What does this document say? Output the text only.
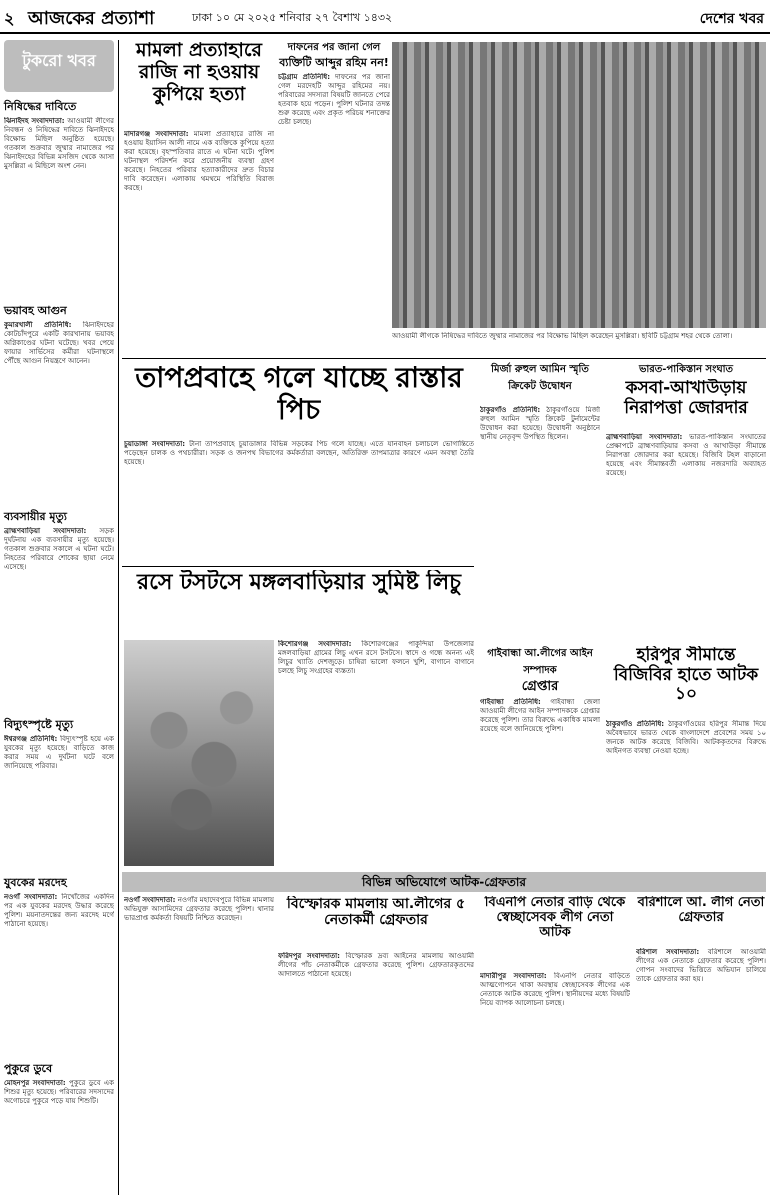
২ আজকের প্রত্যাশা	ঢাকা ১০ মে ২০২৫ শনিবার ২৭ বৈশাখ ১৪৩২	দেশের খবর
টুকরো খবর
নিষিদ্ধের দাবিতে
ঝিনাইদহ সংবাদদাতা: আওয়ামী লীগের নিবন্ধন ও নিষিদ্ধের দাবিতে ঝিনাইদহে বিক্ষোভ মিছিল অনুষ্ঠিত হয়েছে। গতকাল শুক্রবার জুম্মার নামাজের পর ঝিনাইদহের বিভিন্ন মসজিদ থেকে আসা মুসল্লিরা এ মিছিলে অংশ নেন।
ভয়াবহ আগুন
কুমারখালী প্রতিনিধি: ঝিনাইদহের কোটচাঁদপুরে একটি কারখানায় ভয়াবহ অগ্নিকাণ্ডের ঘটনা ঘটেছে। খবর পেয়ে ফায়ার সার্ভিসের কর্মীরা ঘটনাস্থলে পৌঁছে আগুন নিয়ন্ত্রণে আনেন।
ব্যবসায়ীর মৃত্যু
ব্রাহ্মণবাড়িয়া সংবাদদাতা: সড়ক দুর্ঘটনায় এক ব্যবসায়ীর মৃত্যু হয়েছে। গতকাল শুক্রবার সকালে এ ঘটনা ঘটে। নিহতের পরিবারে শোকের ছায়া নেমে এসেছে।
বিদ্যুৎস্পৃষ্টে মৃত্যু
ঈশ্বরগঞ্জ প্রতিনিধি: বিদ্যুৎস্পৃষ্ট হয়ে এক যুবকের মৃত্যু হয়েছে। বাড়িতে কাজ করার সময় এ দুর্ঘটনা ঘটে বলে জানিয়েছে পরিবার।
যুবকের মরদেহ
নওগাঁ সংবাদদাতা: নিখোঁজের একদিন পর এক যুবকের মরদেহ উদ্ধার করেছে পুলিশ। ময়নাতদন্তের জন্য মরদেহ মর্গে পাঠানো হয়েছে।
পুকুরে ডুবে
মোহনপুর সংবাদদাতা: পুকুরে ডুবে এক শিশুর মৃত্যু হয়েছে। পরিবারের সদস্যদের অগোচরে পুকুরে পড়ে যায় শিশুটি।
মামলা প্রত্যাহারে রাজি না হওয়ায় কুপিয়ে হত্যা
মাদারগঞ্জ সংবাদদাতা: মামলা প্রত্যাহারে রাজি না হওয়ায় ইয়াসিন আলী নামে এক ব্যক্তিকে কুপিয়ে হত্যা করা হয়েছে। বৃহস্পতিবার রাতে এ ঘটনা ঘটে। পুলিশ ঘটনাস্থল পরিদর্শন করে প্রয়োজনীয় ব্যবস্থা গ্রহণ করেছে। নিহতের পরিবার হত্যাকারীদের দ্রুত বিচার দাবি করেছেন। এলাকায় থমথমে পরিস্থিতি বিরাজ করছে।
দাফনের পর জানা গেল
ব্যক্তিটি আব্দুর রহিম নন!
চট্টগ্রাম প্রতিনিধি: দাফনের পর জানা গেল মরদেহটি আব্দুর রহিমের নয়। পরিবারের সদস্যরা বিষয়টি জানতে পেরে হতবাক হয়ে পড়েন। পুলিশ ঘটনার তদন্ত শুরু করেছে এবং প্রকৃত পরিচয় শনাক্তের চেষ্টা চলছে।
আওয়ামী লীগকে নিষিদ্ধের দাবিতে জুম্মার নামাজের পর বিক্ষোভ মিছিল করেছেন মুসল্লিরা। ছবিটি চট্টগ্রাম শহর থেকে তোলা।
তাপপ্রবাহে গলে যাচ্ছে রাস্তার পিচ
মির্জা রুহুল আমিন স্মৃতি ক্রিকেট উদ্বোধন
ঠাকুরগাঁও প্রতিনিধি: ঠাকুরগাঁওয়ে মির্জা রুহুল আমিন স্মৃতি ক্রিকেট টুর্নামেন্টের উদ্বোধন করা হয়েছে। উদ্বোধনী অনুষ্ঠানে স্থানীয় নেতৃবৃন্দ উপস্থিত ছিলেন।
ভারত-পাকিস্তান সংঘাত
কসবা-আখাউড়ায় নিরাপত্তা জোরদার
ব্রাহ্মণবাড়িয়া সংবাদদাতা: ভারত-পাকিস্তান সংঘাতের প্রেক্ষাপটে ব্রাহ্মণবাড়িয়ার কসবা ও আখাউড়া সীমান্তে নিরাপত্তা জোরদার করা হয়েছে। বিজিবি টহল বাড়ানো হয়েছে এবং সীমান্তবর্তী এলাকায় নজরদারি অব্যাহত রয়েছে।
চুয়াডাঙ্গা সংবাদদাতা: টানা তাপপ্রবাহে চুয়াডাঙ্গার বিভিন্ন সড়কের পিচ গলে যাচ্ছে। এতে যানবাহন চলাচলে ভোগান্তিতে পড়েছেন চালক ও পথচারীরা। সড়ক ও জনপথ বিভাগের কর্মকর্তারা বলছেন, অতিরিক্ত তাপমাত্রার কারণে এমন অবস্থা তৈরি হয়েছে।
রসে টসটসে মঙ্গলবাড়িয়ার সুমিষ্ট লিচু
কিশোরগঞ্জ সংবাদদাতা: কিশোরগঞ্জের পাকুন্দিয়া উপজেলার মঙ্গলবাড়িয়া গ্রামের লিচু এখন রসে টসটসে। স্বাদে ও গন্ধে অনন্য এই লিচুর খ্যাতি দেশজুড়ে। চাষিরা ভালো ফলনে খুশি, বাগানে বাগানে চলছে লিচু সংগ্রহের ব্যস্ততা।
গাইবান্ধা আ.লীগের আইন সম্পাদক
গ্রেপ্তার
গাইবান্ধা প্রতিনিধি: গাইবান্ধা জেলা আওয়ামী লীগের আইন সম্পাদককে গ্রেপ্তার করেছে পুলিশ। তার বিরুদ্ধে একাধিক মামলা রয়েছে বলে জানিয়েছে পুলিশ।
হরিপুর সীমান্তে বিজিবির হাতে আটক ১০
ঠাকুরগাঁও প্রতিনিধি: ঠাকুরগাঁওয়ের হরিপুর সীমান্ত দিয়ে অবৈধভাবে ভারত থেকে বাংলাদেশে প্রবেশের সময় ১০ জনকে আটক করেছে বিজিবি। আটককৃতদের বিরুদ্ধে আইনগত ব্যবস্থা নেওয়া হচ্ছে।
বিভিন্ন অভিযোগে আটক-গ্রেফতার
নওগাঁ সংবাদদাতা: নওগাঁর মহাদেবপুরে বিভিন্ন মামলায় অভিযুক্ত আসামিদের গ্রেফতার করেছে পুলিশ। থানার ভারপ্রাপ্ত কর্মকর্তা বিষয়টি নিশ্চিত করেছেন।
বিস্ফোরক মামলায় আ.লীগের ৫ নেতাকর্মী গ্রেফতার
ফরিদপুর সংবাদদাতা: বিস্ফোরক দ্রব্য আইনের মামলায় আওয়ামী লীগের পাঁচ নেতাকর্মীকে গ্রেফতার করেছে পুলিশ। গ্রেফতারকৃতদের আদালতে পাঠানো হয়েছে।
বিএনপি নেতার বাড়ি থেকে স্বেচ্ছাসেবক লীগ নেতা আটক
মাদারীপুর সংবাদদাতা: বিএনপি নেতার বাড়িতে আত্মগোপনে থাকা অবস্থায় স্বেচ্ছাসেবক লীগের এক নেতাকে আটক করেছে পুলিশ। স্থানীয়দের মধ্যে বিষয়টি নিয়ে ব্যাপক আলোচনা চলছে।
বরিশালে আ. লীগ নেতা গ্রেফতার
বরিশাল সংবাদদাতা: বরিশালে আওয়ামী লীগের এক নেতাকে গ্রেফতার করেছে পুলিশ। গোপন সংবাদের ভিত্তিতে অভিযান চালিয়ে তাকে গ্রেফতার করা হয়।
